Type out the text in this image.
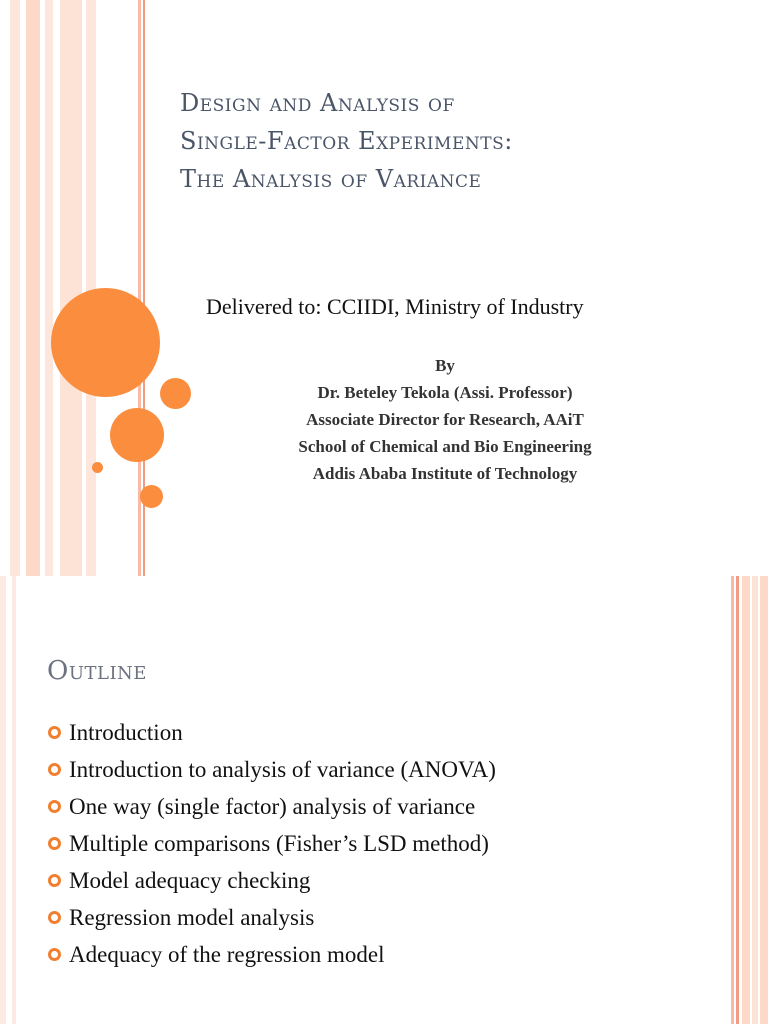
Design and Analysis of
Single-Factor Experiments:
The Analysis of Variance
Delivered to: CCIIDI, Ministry of Industry
By
Dr. Beteley Tekola (Assi. Professor)
Associate Director for Research, AAiT
School of Chemical and Bio Engineering
Addis Ababa Institute of Technology
Outline
Introduction
Introduction to analysis of variance (ANOVA)
One way (single factor) analysis of variance
Multiple comparisons (Fisher’s LSD method)
Model adequacy checking
Regression model analysis
Adequacy of the regression model
